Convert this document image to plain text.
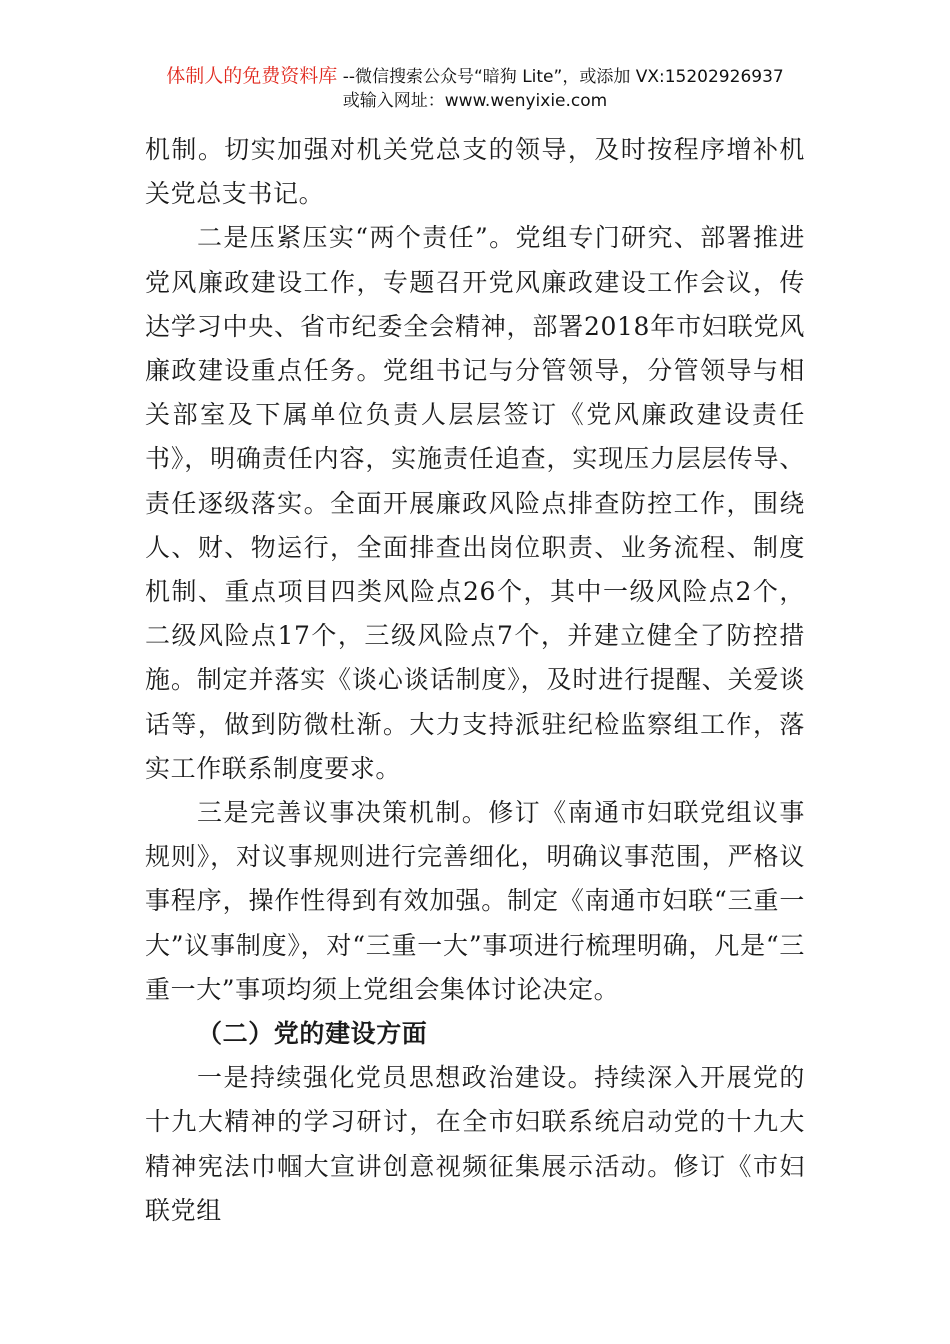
体制人的免费资料库 --微信搜索公众号“暗狗 Lite”，或添加 VX:15202926937
或输入网址：www.wenyixie.com

机制。切实加强对机关党总支的领导，及时按程序增补机关党总支书记。

二是压紧压实“两个责任”。党组专门研究、部署推进党风廉政建设工作，专题召开党风廉政建设工作会议，传达学习中央、省市纪委全会精神，部署2018年市妇联党风廉政建设重点任务。党组书记与分管领导，分管领导与相关部室及下属单位负责人层层签订《党风廉政建设责任书》，明确责任内容，实施责任追查，实现压力层层传导、责任逐级落实。全面开展廉政风险点排查防控工作，围绕人、财、物运行，全面排查出岗位职责、业务流程、制度机制、重点项目四类风险点26个，其中一级风险点2个，二级风险点17个，三级风险点7个，并建立健全了防控措施。制定并落实《谈心谈话制度》，及时进行提醒、关爱谈话等，做到防微杜渐。大力支持派驻纪检监察组工作，落实工作联系制度要求。

三是完善议事决策机制。修订《南通市妇联党组议事规则》，对议事规则进行完善细化，明确议事范围，严格议事程序，操作性得到有效加强。制定《南通市妇联“三重一大”议事制度》，对“三重一大”事项进行梳理明确，凡是“三重一大”事项均须上党组会集体讨论决定。

（二）党的建设方面

一是持续强化党员思想政治建设。持续深入开展党的十九大精神的学习研讨，在全市妇联系统启动党的十九大精神宪法巾帼大宣讲创意视频征集展示活动。修订《市妇联党组
